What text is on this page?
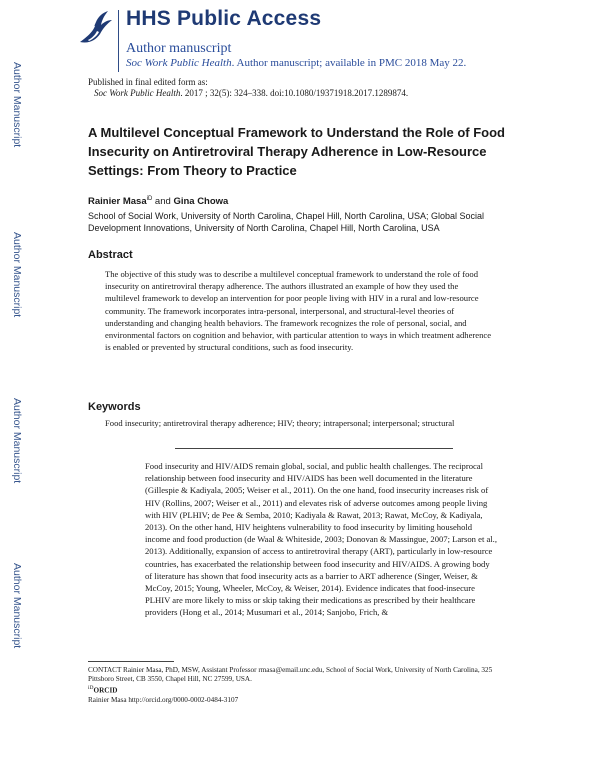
Author Manuscript
Author Manuscript
Author Manuscript
Author Manuscript
HHS Public Access
Author manuscript
Soc Work Public Health. Author manuscript; available in PMC 2018 May 22.
Published in final edited form as:
Soc Work Public Health. 2017 ; 32(5): 324–338. doi:10.1080/19371918.2017.1289874.
A Multilevel Conceptual Framework to Understand the Role of Food Insecurity on Antiretroviral Therapy Adherence in Low-Resource Settings: From Theory to Practice
Rainier Masa$^{iD}$ and Gina Chowa
School of Social Work, University of North Carolina, Chapel Hill, North Carolina, USA; Global Social Development Innovations, University of North Carolina, Chapel Hill, North Carolina, USA
Abstract
The objective of this study was to describe a multilevel conceptual framework to understand the role of food insecurity on antiretroviral therapy adherence. The authors illustrated an example of how they used the multilevel framework to develop an intervention for poor people living with HIV in a rural and low-resource community. The framework incorporates intra-personal, interpersonal, and structural-level theories of understanding and changing health behaviors. The framework recognizes the role of personal, social, and environmental factors on cognition and behavior, with particular attention to ways in which treatment adherence is enabled or prevented by structural conditions, such as food insecurity.
Keywords
Food insecurity; antiretroviral therapy adherence; HIV; theory; intrapersonal; interpersonal; structural
Food insecurity and HIV/AIDS remain global, social, and public health challenges. The reciprocal relationship between food insecurity and HIV/AIDS has been well documented in the literature (Gillespie & Kadiyala, 2005; Weiser et al., 2011). On the one hand, food insecurity increases risk of HIV (Rollins, 2007; Weiser et al., 2011) and elevates risk of adverse outcomes among people living with HIV (PLHIV; de Pee & Semba, 2010; Kadiyala & Rawat, 2013; Rawat, McCoy, & Kadiyala, 2013). On the other hand, HIV heightens vulnerability to food insecurity by limiting household income and food production (de Waal & Whiteside, 2003; Donovan & Massingue, 2007; Larson et al., 2013). Additionally, expansion of access to antiretroviral therapy (ART), particularly in low-resource countries, has exacerbated the relationship between food insecurity and HIV/AIDS. A growing body of literature has shown that food insecurity acts as a barrier to ART adherence (Singer, Weiser, & McCoy, 2015; Young, Wheeler, McCoy, & Weiser, 2014). Evidence indicates that food-insecure PLHIV are more likely to miss or skip taking their medications as prescribed by their healthcare providers (Hong et al., 2014; Musumari et al., 2014; Sanjobo, Frich, &
CONTACT Rainier Masa, PhD, MSW, Assistant Professor rmasa@email.unc.edu, School of Social Work, University of North Carolina, 325 Pittsboro Street, CB 3550, Chapel Hill, NC 27599, USA.
$^{iD}$ORCID
Rainier Masa http://orcid.org/0000-0002-0484-3107
